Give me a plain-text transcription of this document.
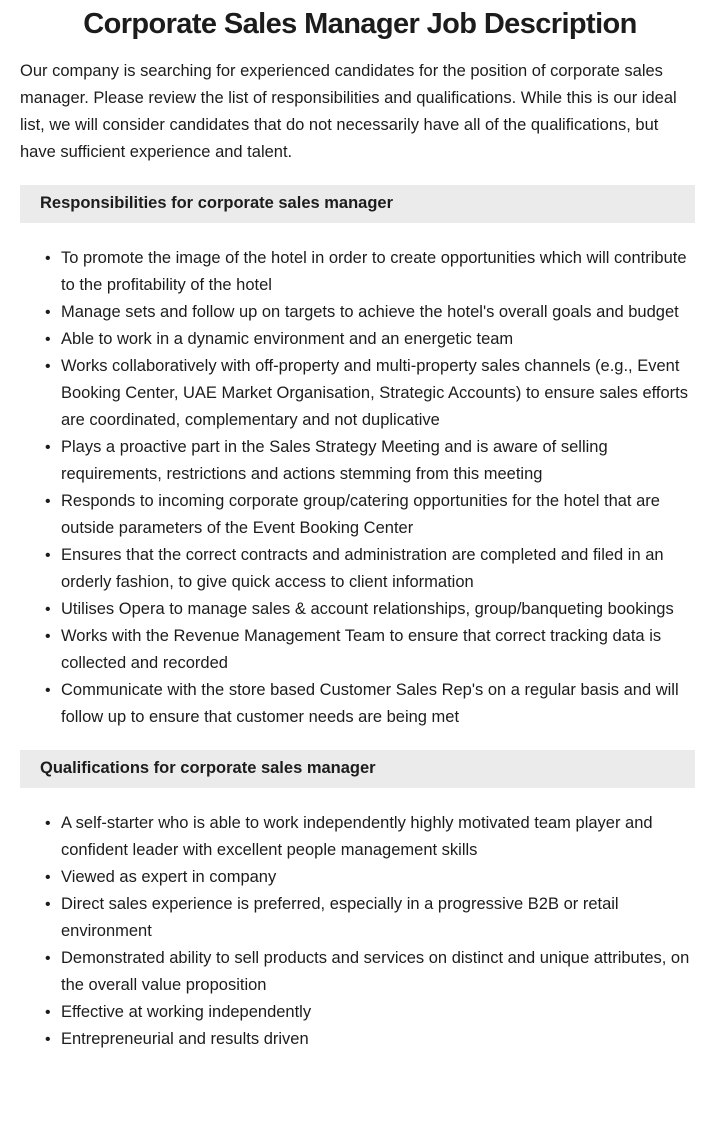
Corporate Sales Manager Job Description

Our company is searching for experienced candidates for the position of corporate sales manager. Please review the list of responsibilities and qualifications. While this is our ideal list, we will consider candidates that do not necessarily have all of the qualifications, but have sufficient experience and talent.

Responsibilities for corporate sales manager
• To promote the image of the hotel in order to create opportunities which will contribute to the profitability of the hotel
• Manage sets and follow up on targets to achieve the hotel's overall goals and budget
• Able to work in a dynamic environment and an energetic team
• Works collaboratively with off-property and multi-property sales channels (e.g., Event Booking Center, UAE Market Organisation, Strategic Accounts) to ensure sales efforts are coordinated, complementary and not duplicative
• Plays a proactive part in the Sales Strategy Meeting and is aware of selling requirements, restrictions and actions stemming from this meeting
• Responds to incoming corporate group/catering opportunities for the hotel that are outside parameters of the Event Booking Center
• Ensures that the correct contracts and administration are completed and filed in an orderly fashion, to give quick access to client information
• Utilises Opera to manage sales & account relationships, group/banqueting bookings
• Works with the Revenue Management Team to ensure that correct tracking data is collected and recorded
• Communicate with the store based Customer Sales Rep's on a regular basis and will follow up to ensure that customer needs are being met
Qualifications for corporate sales manager
• A self-starter who is able to work independently highly motivated team player and confident leader with excellent people management skills
• Viewed as expert in company
• Direct sales experience is preferred, especially in a progressive B2B or retail environment
• Demonstrated ability to sell products and services on distinct and unique attributes, on the overall value proposition
• Effective at working independently
• Entrepreneurial and results driven
